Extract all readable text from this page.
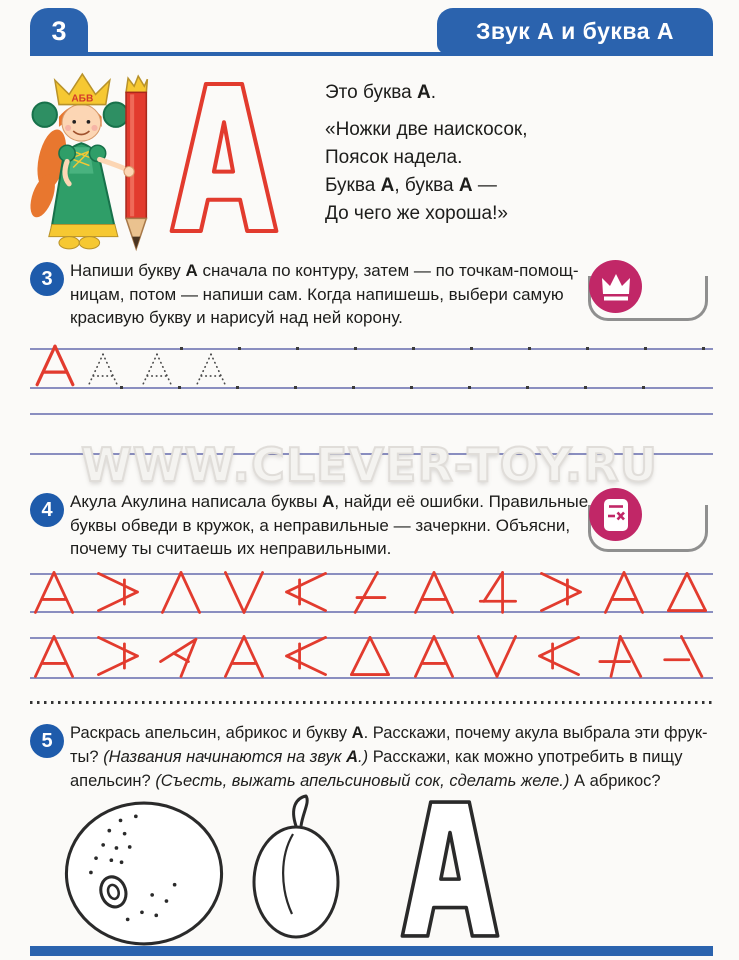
3	Звук А и буква А
АБВ	Это буква А.
«Ножки две наискосок,
Поясок надела.
Буква А, буква А —
До чего же хороша!»
3 Напиши букву А сначала по контуру, затем — по точкам-помощ-
ницам, потом — напиши сам. Когда напишешь, выбери самую
красивую букву и нарисуй над ней корону.
WWW.CLEVER-TOY.RU
4 Акула Акулина написала буквы А, найди её ошибки. Правильные
буквы обведи в кружок, а неправильные — зачеркни. Объясни,
почему ты считаешь их неправильными.
5 Раскрась апельсин, абрикос и букву А. Расскажи, почему акула выбрала эти фрук-
ты? (Названия начинаются на звук А.) Расскажи, как можно употребить в пищу
апельсин? (Съесть, выжать апельсиновый сок, сделать желе.) А абрикос?
